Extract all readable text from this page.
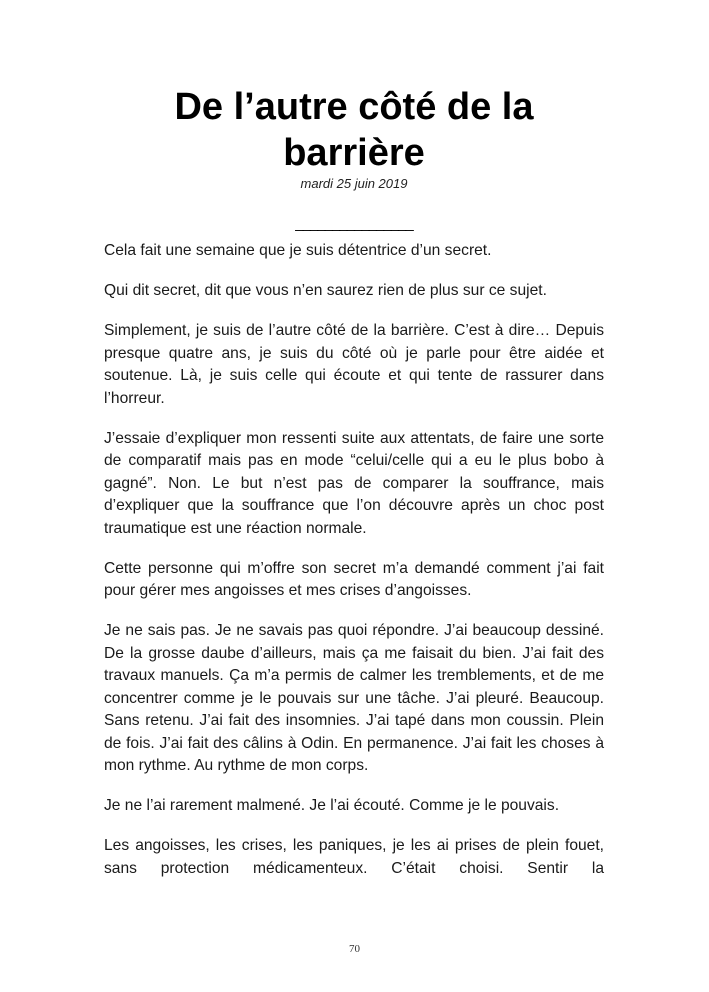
De l’autre côté de la barrière
mardi 25 juin 2019
________________

Cela fait une semaine que je suis détentrice d’un secret.

Qui dit secret, dit que vous n’en saurez rien de plus sur ce sujet.

Simplement, je suis de l’autre côté de la barrière. C’est à dire… Depuis presque quatre ans, je suis du côté où je parle pour être aidée et soutenue. Là, je suis celle qui écoute et qui tente de rassurer dans l’horreur.

J’essaie d’expliquer mon ressenti suite aux attentats, de faire une sorte de comparatif mais pas en mode “celui/celle qui a eu le plus bobo à gagné”. Non. Le but n’est pas de comparer la souffrance, mais d’expliquer que la souffrance que l’on découvre après un choc post traumatique est une réaction normale.

Cette personne qui m’offre son secret m’a demandé comment j’ai fait pour gérer mes angoisses et mes crises d’angoisses.

Je ne sais pas. Je ne savais pas quoi répondre. J’ai beaucoup dessiné. De la grosse daube d’ailleurs, mais ça me faisait du bien. J’ai fait des travaux manuels. Ça m’a permis de calmer les tremblements, et de me concentrer comme je le pouvais sur une tâche. J’ai pleuré. Beaucoup. Sans retenu. J’ai fait des insomnies. J’ai tapé dans mon coussin. Plein de fois. J’ai fait des câlins à Odin. En permanence. J’ai fait les choses à mon rythme. Au rythme de mon corps.

Je ne l’ai rarement malmené. Je l’ai écouté. Comme je le pouvais.

Les angoisses, les crises, les paniques, je les ai prises de plein fouet, sans protection médicamenteux. C’était choisi. Sentir la

70
